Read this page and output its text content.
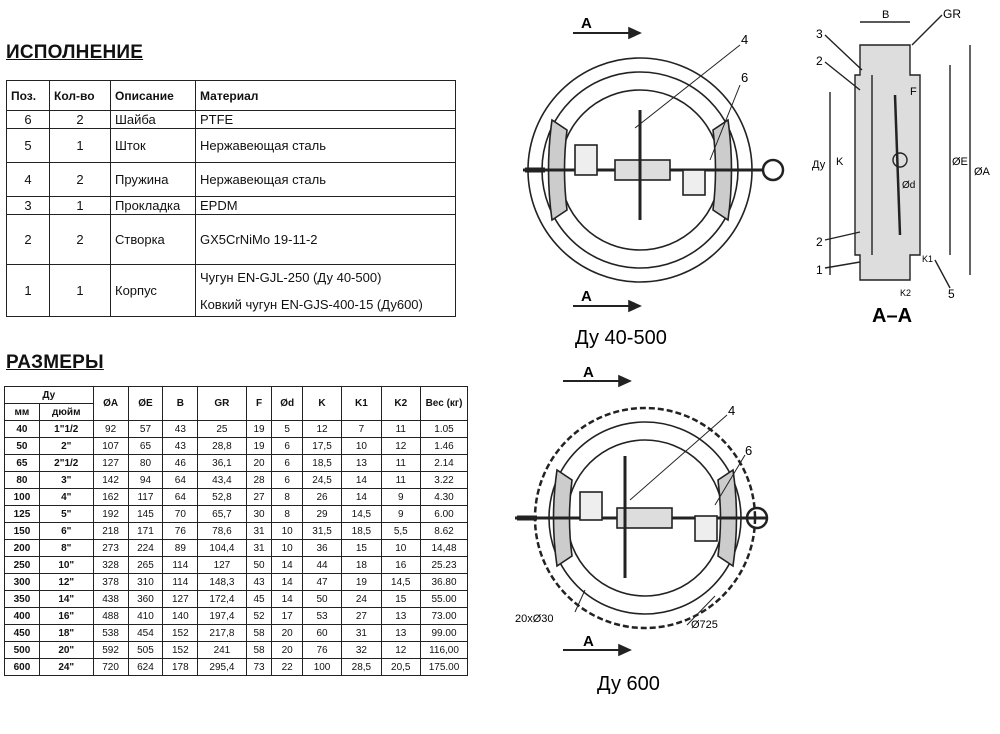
ИСПОЛНЕНИЕ
Поз.	Кол-во	Описание	Материал
6	2	Шайба	PTFE
5	1	Шток	Нержавеющая сталь
4	2	Пружина	Нержавеющая сталь
3	1	Прокладка	EPDM
2	2	Створка	GX5CrNiMo 19-11-2
1	1	Корпус	Чугун EN-GJL-250 (Ду 40-500)
Ковкий чугун EN-GJS-400-15 (Ду600)
РАЗМЕРЫ
Ду		ØA	ØE	B	GR	F	Ød	K	K1	K2	Вес (кг)
мм	дюйм										
40	1"1/2	92	57	43	25	19	5	12	7	11	1.05
50	2"	107	65	43	28,8	19	6	17,5	10	12	1.46
65	2"1/2	127	80	46	36,1	20	6	18,5	13	11	2.14
80	3"	142	94	64	43,4	28	6	24,5	14	11	3.22
100	4"	162	117	64	52,8	27	8	26	14	9	4.30
125	5"	192	145	70	65,7	30	8	29	14,5	9	6.00
150	6"	218	171	76	78,6	31	10	31,5	18,5	5,5	8.62
200	8"	273	224	89	104,4	31	10	36	15	10	14,48
250	10"	328	265	114	127	50	14	44	18	16	25.23
300	12"	378	310	114	148,3	43	14	47	19	14,5	36.80
350	14"	438	360	127	172,4	45	14	50	24	15	55.00
400	16"	488	410	140	197,4	52	17	53	27	13	73.00
450	18"	538	454	152	217,8	58	20	60	31	13	99.00
500	20"	592	505	152	241	58	20	76	32	12	116,00
600	24"	720	624	178	295,4	73	22	100	28,5	20,5	175.00
A
A
4
6
Ду 40-500
B	GR
3
2
2
1
5
F
Ду K
Ød
ØE
ØA
K1
K2
A–A
A
A
4
6
20xØ30	Ø725
Ду 600
